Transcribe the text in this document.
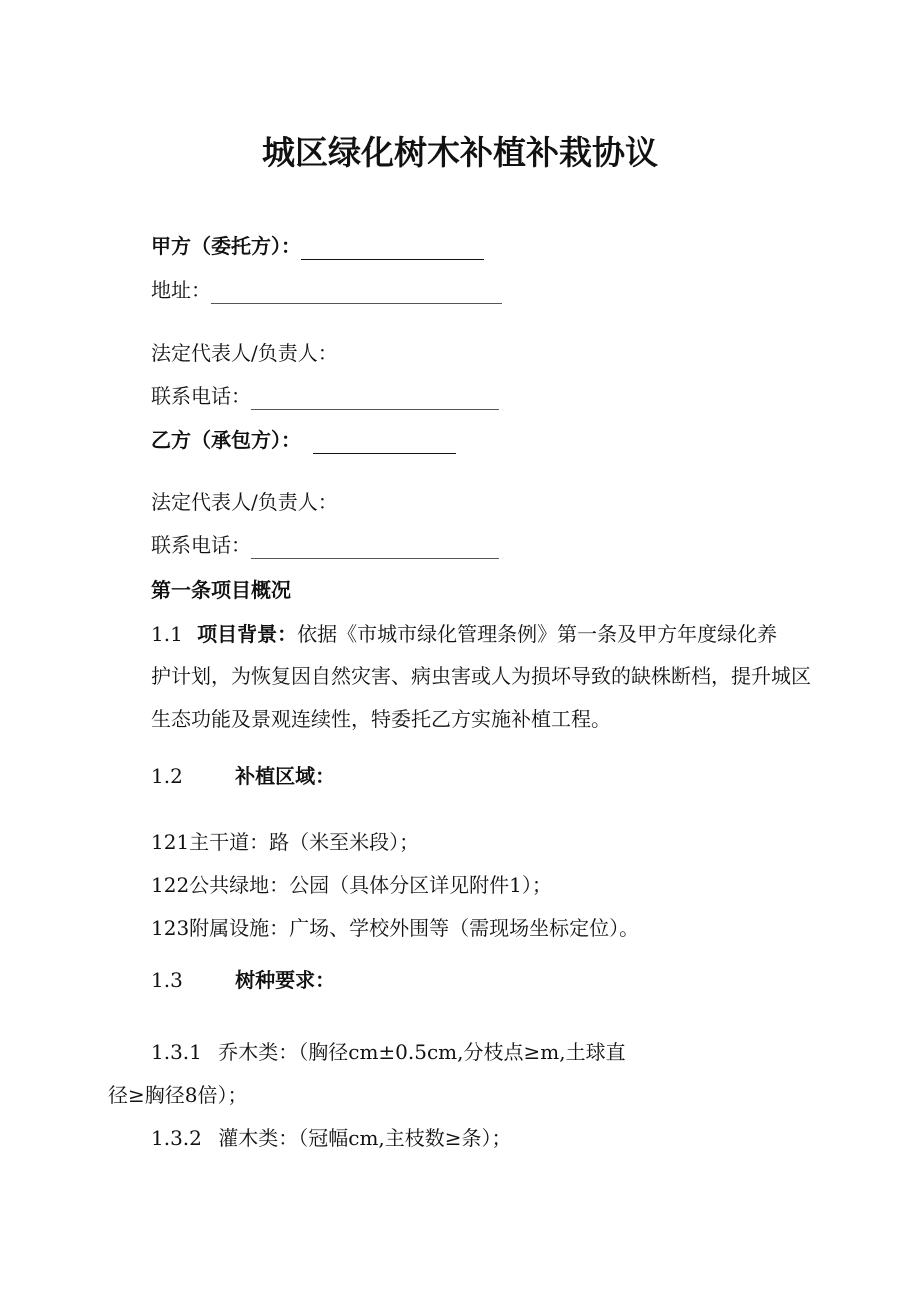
城区绿化树木补植补栽协议
甲方（委托方）：
地址：
法定代表人/负责人：
联系电话：
乙方（承包方）：
法定代表人/负责人：
联系电话：
第一条项目概况
1.1 项目背景：依据《市城市绿化管理条例》第一条及甲方年度绿化养
护计划，为恢复因自然灾害、病虫害或人为损坏导致的缺株断档，提升城区
生态功能及景观连续性，特委托乙方实施补植工程。
1.2	补植区域：
121主干道：路（米至米段）；
122公共绿地：公园（具体分区详见附件1）；
123附属设施：广场、学校外围等（需现场坐标定位）。
1.3	树种要求：
1.3.1 乔木类：（胸径cm±0.5cm,分枝点≥m,土球直
径≥胸径8倍）；
1.3.2 灌木类：（冠幅cm,主枝数≥条）；
